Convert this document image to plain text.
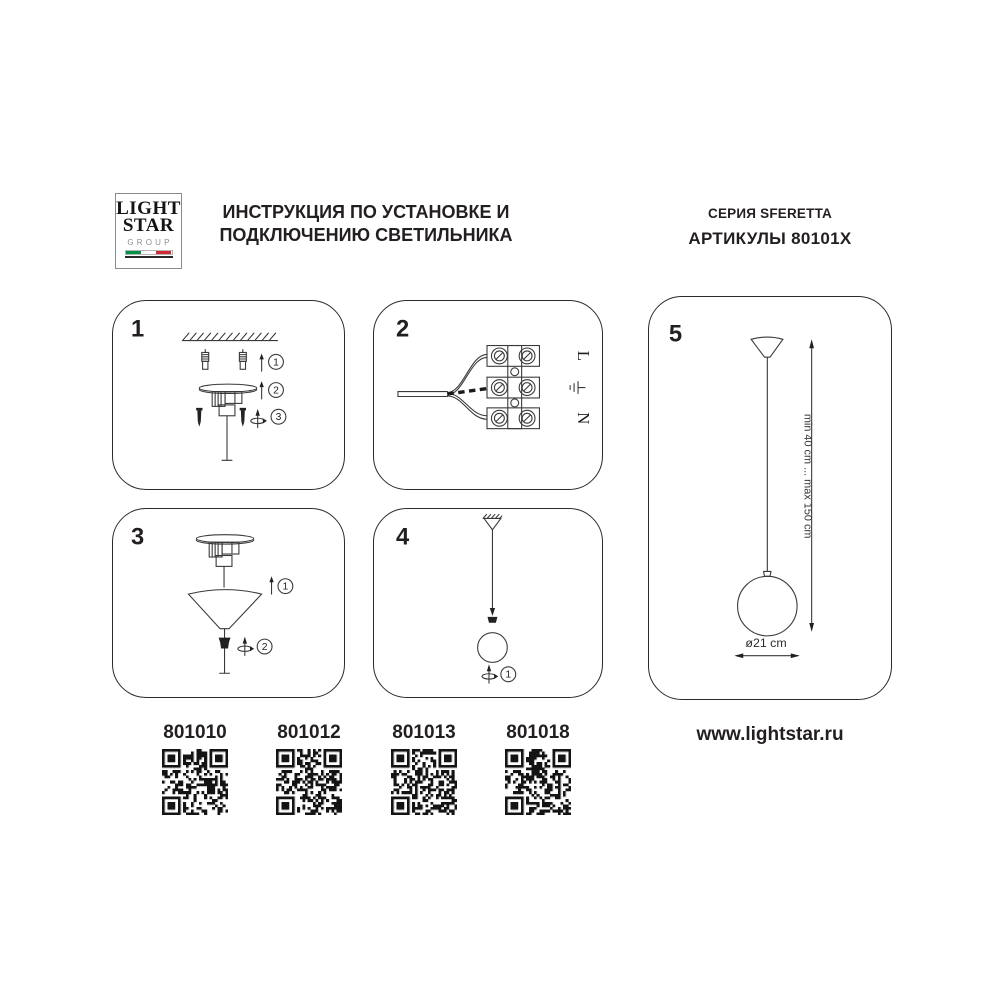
LIGHT
STAR
GROUP
ИНСТРУКЦИЯ ПО УСТАНОВКЕ И
ПОДКЛЮЧЕНИЮ СВЕТИЛЬНИКА
СЕРИЯ SFERETTA
АРТИКУЛЫ 80101X
1
1
2
3
2
L
N
3
1
2
4
1
5
min 40 cm ... max 150 cm
ø21 cm
801010	801012	801013	801018	www.lightstar.ru
